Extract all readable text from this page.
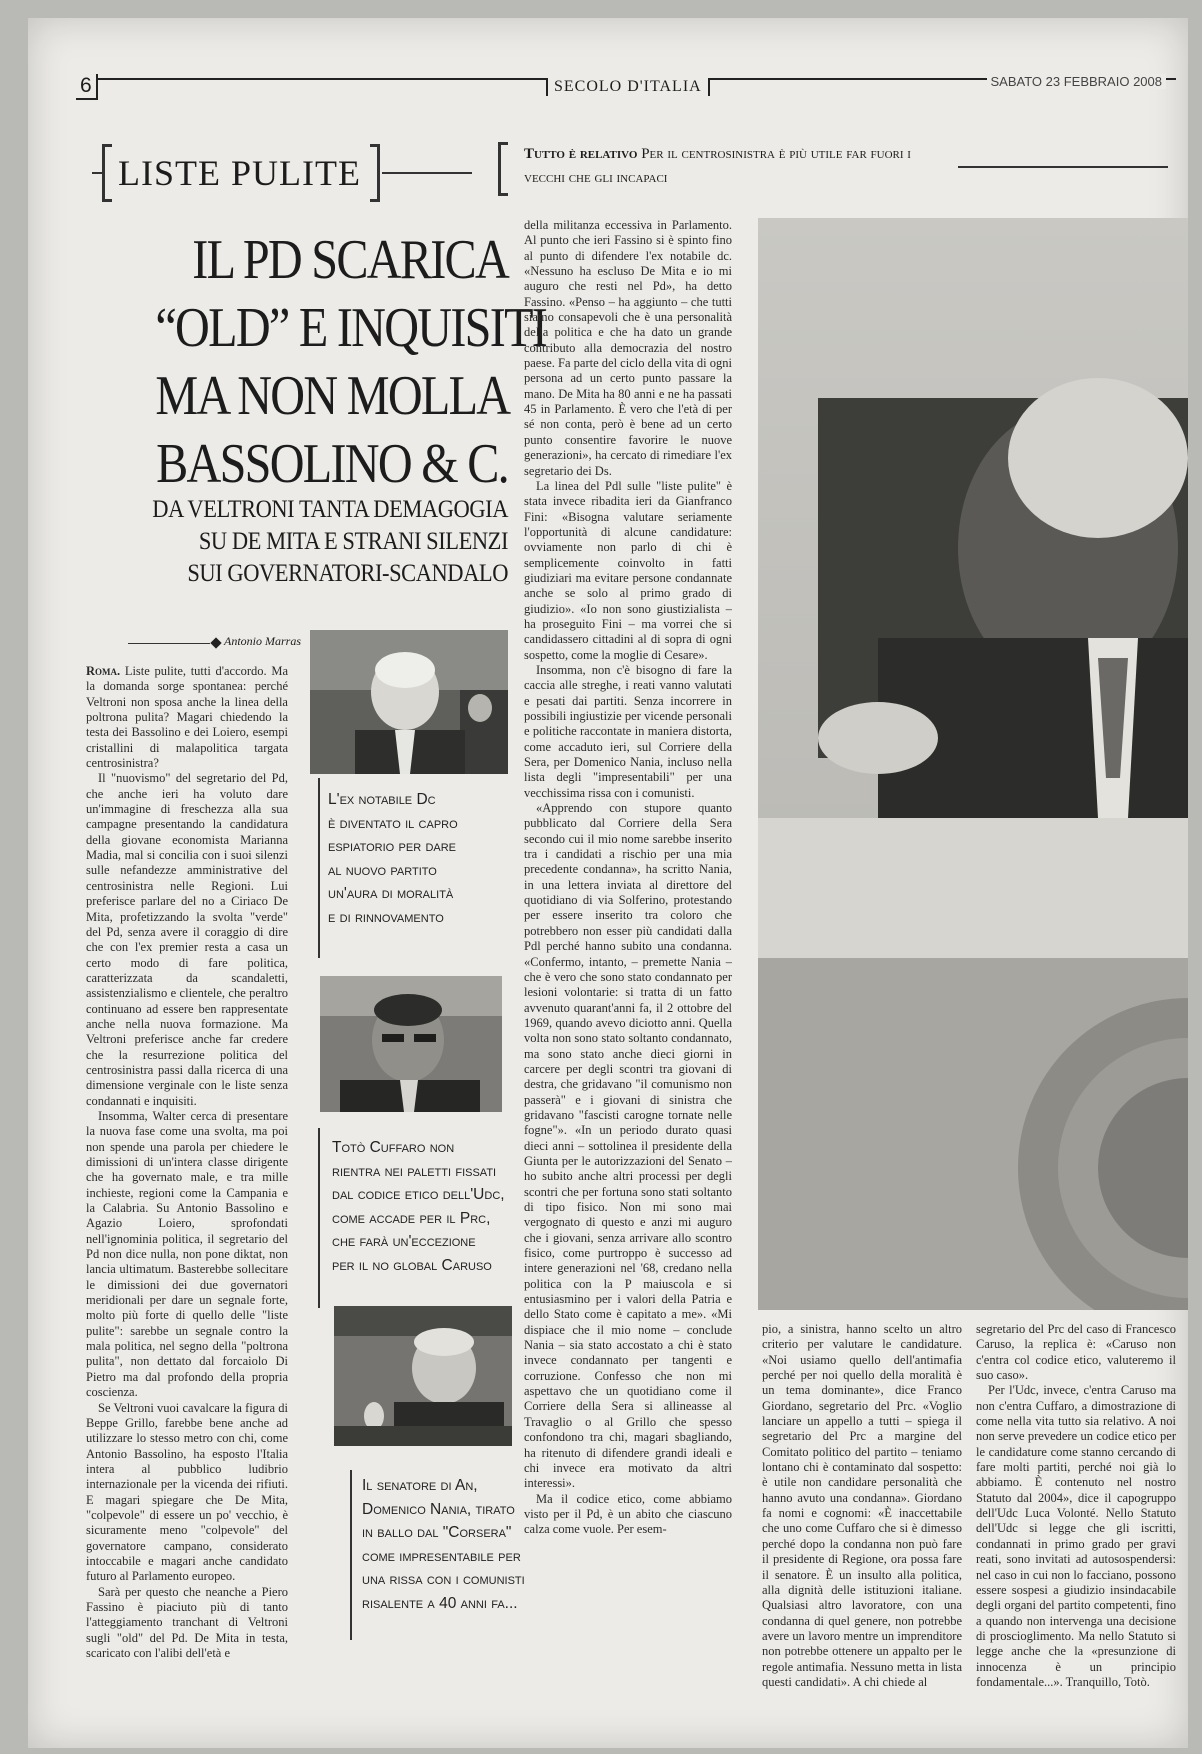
6	SECOLO D'ITALIA	SABATO 23 FEBBRAIO 2008
LISTE PULITE	Tutto è relativo Per il centrosinistra è più utile far fuori i vecchi che gli incapaci
IL PD SCARICA
“OLD” E INQUISITI
MA NON MOLLA
BASSOLINO & C.
DA VELTRONI TANTA DEMAGOGIA
SU DE MITA E STRANI SILENZI
SUI GOVERNATORI-SCANDALO
Antonio Marras

Roma. Liste pulite, tutti d'accordo. Ma la domanda sorge spontanea: perché Veltroni non sposa anche la linea della poltrona pulita? Magari chiedendo la testa dei Bassolino e dei Loiero, esempi cristallini di malapolitica targata centrosinistra?

Il "nuovismo" del segretario del Pd, che anche ieri ha voluto dare un'immagine di freschezza alla sua campagne presentando la candidatura della giovane economista Marianna Madia, mal si concilia con i suoi silenzi sulle nefandezze amministrative del centrosinistra nelle Regioni. Lui preferisce parlare del no a Ciriaco De Mita, profetizzando la svolta "verde" del Pd, senza avere il coraggio di dire che con l'ex premier resta a casa un certo modo di fare politica, caratterizzata da scandaletti, assistenzialismo e clientele, che peraltro continuano ad essere ben rappresentate anche nella nuova formazione. Ma Veltroni preferisce anche far credere che la resurrezione politica del centrosinistra passi dalla ricerca di una dimensione verginale con le liste senza condannati e inquisiti.

Insomma, Walter cerca di presentare la nuova fase come una svolta, ma poi non spende una parola per chiedere le dimissioni di un'intera classe dirigente che ha governato male, e tra mille inchieste, regioni come la Campania e la Calabria. Su Antonio Bassolino e Agazio Loiero, sprofondati nell'ignominia politica, il segretario del Pd non dice nulla, non pone diktat, non lancia ultimatum. Basterebbe sollecitare le dimissioni dei due governatori meridionali per dare un segnale forte, molto più forte di quello delle "liste pulite": sarebbe un segnale contro la mala politica, nel segno della "poltrona pulita", non dettato dal forcaiolo Di Pietro ma dal profondo della propria coscienza.

Se Veltroni vuoi cavalcare la figura di Beppe Grillo, farebbe bene anche ad utilizzare lo stesso metro con chi, come Antonio Bassolino, ha esposto l'Italia intera al pubblico ludibrio internazionale per la vicenda dei rifiuti. E magari spiegare che De Mita, "colpevole" di essere un po' vecchio, è sicuramente meno "colpevole" del governatore campano, considerato intoccabile e magari anche candidato futuro al Parlamento europeo.

Sarà per questo che neanche a Piero Fassino è piaciuto più di tanto l'atteggiamento tranchant di Veltroni sugli "old" del Pd. De Mita in testa, scaricato con l'alibi dell'età e

L'ex notabile Dc
è diventato il capro
espiatorio per dare
al nuovo partito
un'aura di moralità
e di rinnovamento
Totò Cuffaro non
rientra nei paletti fissati
dal codice etico dell'Udc,
come accade per il Prc,
che farà un'eccezione
per il no global Caruso
Il senatore di An,
Domenico Nania, tirato
in ballo dal "Corsera"
come impresentabile per
una rissa con i comunisti
risalente a 40 anni fa...

della militanza eccessiva in Parlamento. Al punto che ieri Fassino si è spinto fino al punto di difendere l'ex notabile dc. «Nessuno ha escluso De Mita e io mi auguro che resti nel Pd», ha detto Fassino. «Penso – ha aggiunto – che tutti siamo consapevoli che è una personalità della politica e che ha dato un grande contributo alla democrazia del nostro paese. Fa parte del ciclo della vita di ogni persona ad un certo punto passare la mano. De Mita ha 80 anni e ne ha passati 45 in Parlamento. È vero che l'età di per sé non conta, però è bene ad un certo punto consentire favorire le nuove generazioni», ha cercato di rimediare l'ex segretario dei Ds.

La linea del Pdl sulle "liste pulite" è stata invece ribadita ieri da Gianfranco Fini: «Bisogna valutare seriamente l'opportunità di alcune candidature: ovviamente non parlo di chi è semplicemente coinvolto in fatti giudiziari ma evitare persone condannate anche se solo al primo grado di giudizio». «Io non sono giustizialista – ha proseguito Fini – ma vorrei che si candidassero cittadini al di sopra di ogni sospetto, come la moglie di Cesare».

Insomma, non c'è bisogno di fare la caccia alle streghe, i reati vanno valutati e pesati dai partiti. Senza incorrere in possibili ingiustizie per vicende personali e politiche raccontate in maniera distorta, come accaduto ieri, sul Corriere della Sera, per Domenico Nania, incluso nella lista degli "impresentabili" per una vecchissima rissa con i comunisti.

«Apprendo con stupore quanto pubblicato dal Corriere della Sera secondo cui il mio nome sarebbe inserito tra i candidati a rischio per una mia precedente condanna», ha scritto Nania, in una lettera inviata al direttore del quotidiano di via Solferino, protestando per essere inserito tra coloro che potrebbero non esser più candidati dalla Pdl perché hanno subito una condanna. «Confermo, intanto, – premette Nania – che è vero che sono stato condannato per lesioni volontarie: si tratta di un fatto avvenuto quarant'anni fa, il 2 ottobre del 1969, quando avevo diciotto anni. Quella volta non sono stato soltanto condannato, ma sono stato anche dieci giorni in carcere per degli scontri tra giovani di destra, che gridavano "il comunismo non passerà" e i giovani di sinistra che gridavano "fascisti carogne tornate nelle fogne"». «In un periodo durato quasi dieci anni – sottolinea il presidente della Giunta per le autorizzazioni del Senato – ho subito anche altri processi per degli scontri che per fortuna sono stati soltanto di tipo fisico. Non mi sono mai vergognato di questo e anzi mi auguro che i giovani, senza arrivare allo scontro fisico, come purtroppo è successo ad intere generazioni nel '68, credano nella politica con la P maiuscola e si entusiasmino per i valori della Patria e dello Stato come è capitato a me». «Mi dispiace che il mio nome – conclude Nania – sia stato accostato a chi è stato invece condannato per tangenti e corruzione. Confesso che non mi aspettavo che un quotidiano come il Corriere della Sera si allineasse al Travaglio o al Grillo che spesso confondono tra chi, magari sbagliando, ha ritenuto di difendere grandi ideali e chi invece era motivato da altri interessi».

Ma il codice etico, come abbiamo visto per il Pd, è un abito che ciascuno calza come vuole. Per esem-

pio, a sinistra, hanno scelto un altro criterio per valutare le candidature. «Noi usiamo quello dell'antimafia perché per noi quello della moralità è un tema dominante», dice Franco Giordano, segretario del Prc. «Voglio lanciare un appello a tutti – spiega il segretario del Prc a margine del Comitato politico del partito – teniamo lontano chi è contaminato dal sospetto: è utile non candidare personalità che hanno avuto una condanna». Giordano fa nomi e cognomi: «È inaccettabile che uno come Cuffaro che si è dimesso perché dopo la condanna non può fare il presidente di Regione, ora possa fare il senatore. È un insulto alla politica, alla dignità delle istituzioni italiane. Qualsiasi altro lavoratore, con una condanna di quel genere, non potrebbe avere un lavoro mentre un imprenditore non potrebbe ottenere un appalto per le regole antimafia. Nessuno metta in lista questi candidati». A chi chiede al

segretario del Prc del caso di Francesco Caruso, la replica è: «Caruso non c'entra col codice etico, valuteremo il suo caso».

Per l'Udc, invece, c'entra Caruso ma non c'entra Cuffaro, a dimostrazione di come nella vita tutto sia relativo. A noi non serve prevedere un codice etico per le candidature come stanno cercando di fare molti partiti, perché noi già lo abbiamo. È contenuto nel nostro Statuto dal 2004», dice il capogruppo dell'Udc Luca Volonté. Nello Statuto dell'Udc si legge che gli iscritti, condannati in primo grado per gravi reati, sono invitati ad autosospendersi: nel caso in cui non lo facciano, possono essere sospesi a giudizio insindacabile degli organi del partito competenti, fino a quando non intervenga una decisione di proscioglimento. Ma nello Statuto si legge anche che la «presunzione di innocenza è un principio fondamentale...». Tranquillo, Totò.
